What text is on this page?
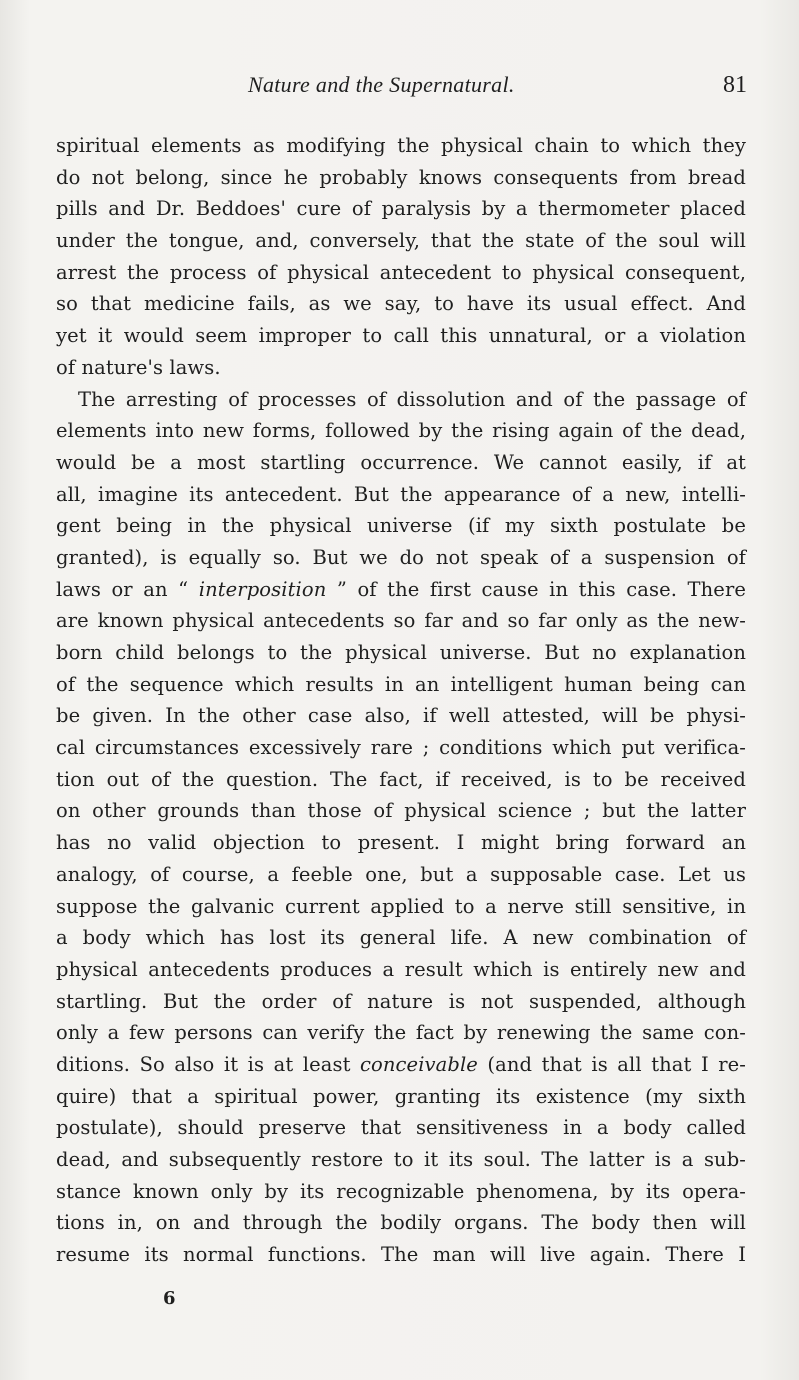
Nature and the Supernatural.	81
spiritual elements as modifying the physical chain to which they
do not belong, since he probably knows consequents from bread
pills and Dr. Beddoes' cure of paralysis by a thermometer placed
under the tongue, and, conversely, that the state of the soul will
arrest the process of physical antecedent to physical consequent,
so that medicine fails, as we say, to have its usual effect. And
yet it would seem improper to call this unnatural, or a violation
of nature's laws.
The arresting of processes of dissolution and of the passage of
elements into new forms, followed by the rising again of the dead,
would be a most startling occurrence. We cannot easily, if at
all, imagine its antecedent. But the appearance of a new, intelli-
gent being in the physical universe (if my sixth postulate be
granted), is equally so. But we do not speak of a suspension of
laws or an “ interposition ” of the first cause in this case. There
are known physical antecedents so far and so far only as the new-
born child belongs to the physical universe. But no explanation
of the sequence which results in an intelligent human being can
be given. In the other case also, if well attested, will be physi-
cal circumstances excessively rare ; conditions which put verifica-
tion out of the question. The fact, if received, is to be received
on other grounds than those of physical science ; but the latter
has no valid objection to present. I might bring forward an
analogy, of course, a feeble one, but a supposable case. Let us
suppose the galvanic current applied to a nerve still sensitive, in
a body which has lost its general life. A new combination of
physical antecedents produces a result which is entirely new and
startling. But the order of nature is not suspended, although
only a few persons can verify the fact by renewing the same con-
ditions. So also it is at least conceivable (and that is all that I re-
quire) that a spiritual power, granting its existence (my sixth
postulate), should preserve that sensitiveness in a body called
dead, and subsequently restore to it its soul. The latter is a sub-
stance known only by its recognizable phenomena, by its opera-
tions in, on and through the bodily organs. The body then will
resume its normal functions. The man will live again. There I
6
